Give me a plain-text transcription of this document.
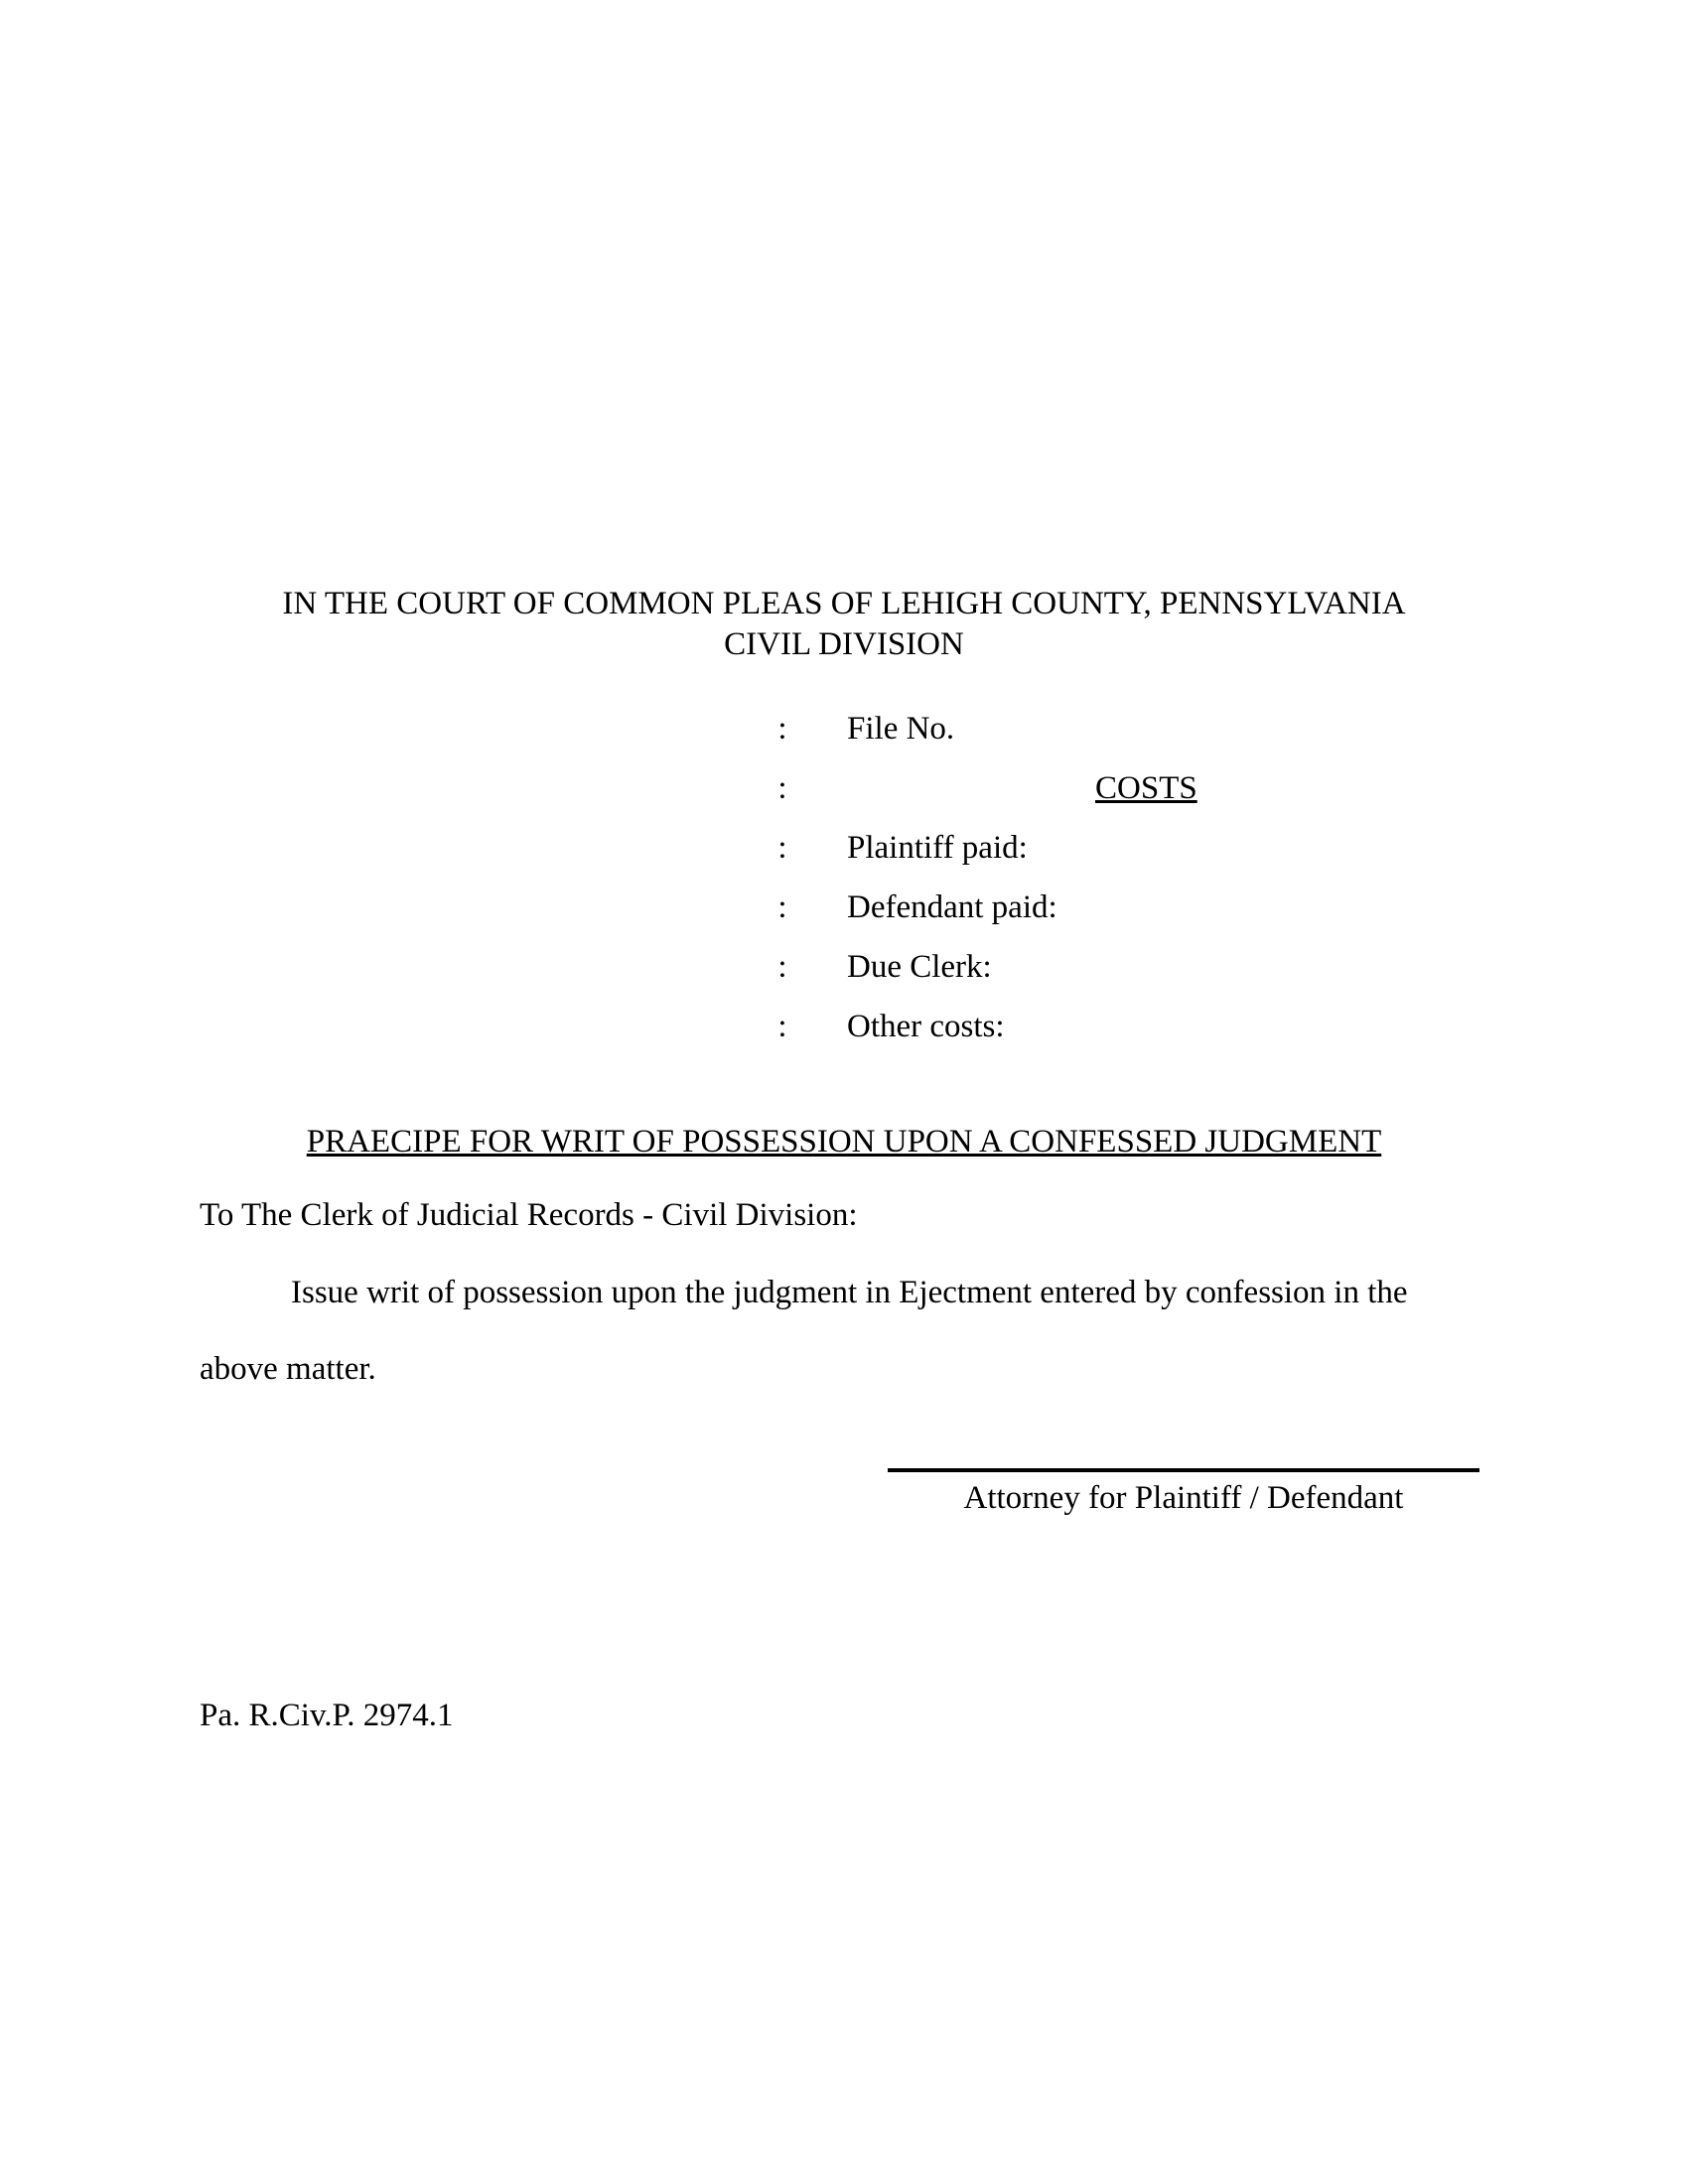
IN THE COURT OF COMMON PLEAS OF LEHIGH COUNTY, PENNSYLVANIA
CIVIL DIVISION
: File No.
:	COSTS
: Plaintiff paid:
: Defendant paid:
: Due Clerk:
: Other costs:
PRAECIPE FOR WRIT OF POSSESSION UPON A CONFESSED JUDGMENT
To The Clerk of Judicial Records - Civil Division:
Issue writ of possession upon the judgment in Ejectment entered by confession in the
above matter.
Attorney for Plaintiff / Defendant
Pa. R.Civ.P. 2974.1
